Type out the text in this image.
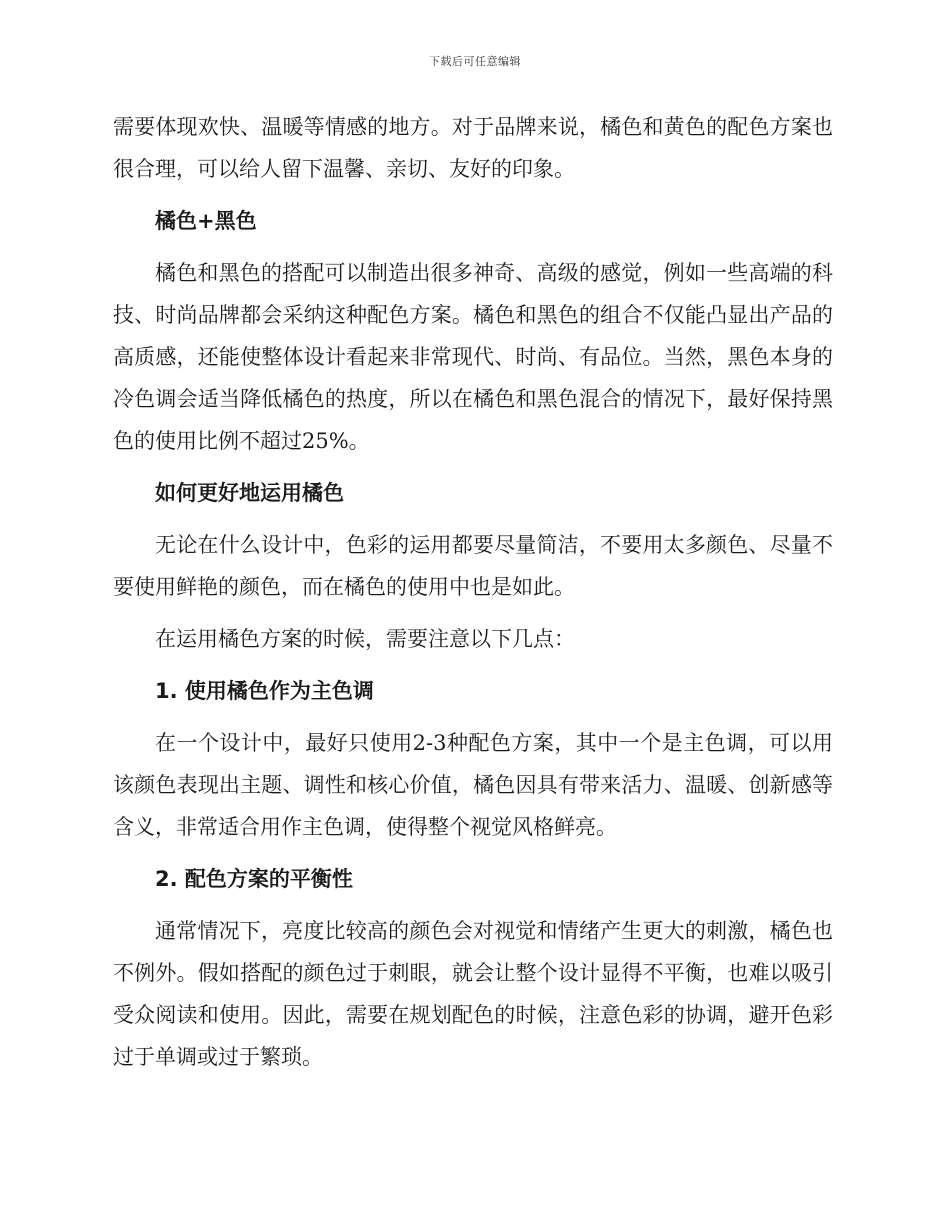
下载后可任意编辑

需要体现欢快、温暖等情感的地方。对于品牌来说，橘色和黄色的配色方案也很合理，可以给人留下温馨、亲切、友好的印象。

橘色+黑色

橘色和黑色的搭配可以制造出很多神奇、高级的感觉，例如一些高端的科技、时尚品牌都会采纳这种配色方案。橘色和黑色的组合不仅能凸显出产品的高质感，还能使整体设计看起来非常现代、时尚、有品位。当然，黑色本身的冷色调会适当降低橘色的热度，所以在橘色和黑色混合的情况下，最好保持黑色的使用比例不超过25%。

如何更好地运用橘色

无论在什么设计中，色彩的运用都要尽量简洁，不要用太多颜色、尽量不要使用鲜艳的颜色，而在橘色的使用中也是如此。

在运用橘色方案的时候，需要注意以下几点：

1. 使用橘色作为主色调

在一个设计中，最好只使用2-3种配色方案，其中一个是主色调，可以用该颜色表现出主题、调性和核心价值，橘色因具有带来活力、温暖、创新感等含义，非常适合用作主色调，使得整个视觉风格鲜亮。

2. 配色方案的平衡性

通常情况下，亮度比较高的颜色会对视觉和情绪产生更大的刺激，橘色也不例外。假如搭配的颜色过于刺眼，就会让整个设计显得不平衡，也难以吸引受众阅读和使用。因此，需要在规划配色的时候，注意色彩的协调，避开色彩过于单调或过于繁琐。
